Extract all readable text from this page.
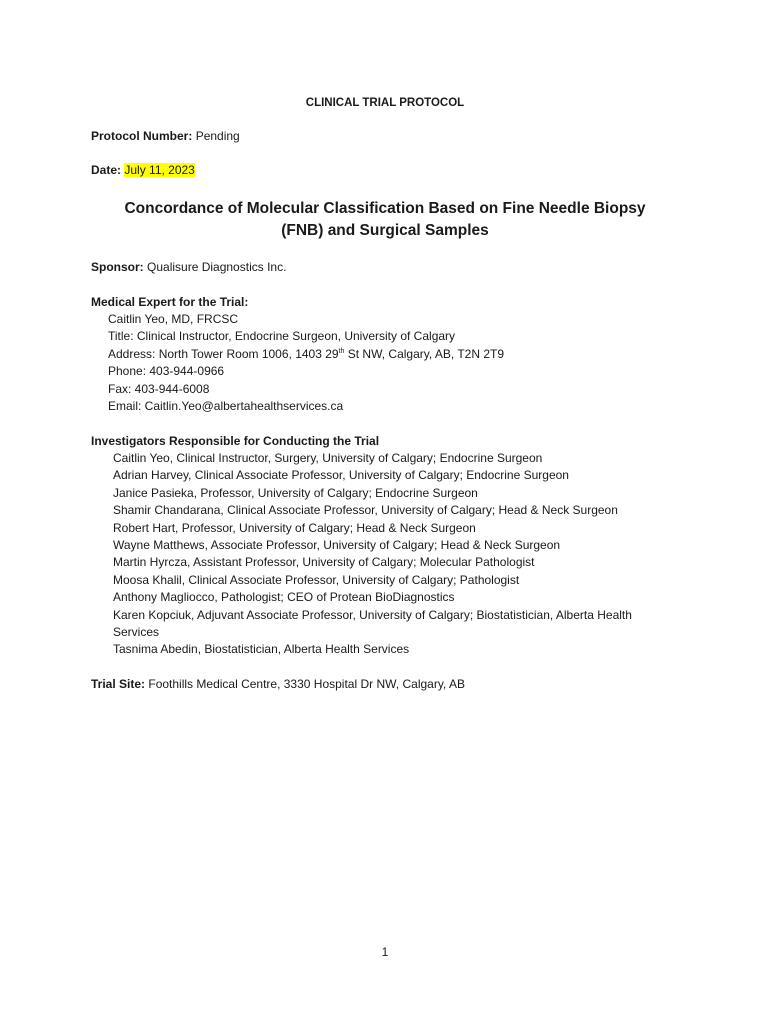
CLINICAL TRIAL PROTOCOL
Protocol Number: Pending
Date: July 11, 2023
Concordance of Molecular Classification Based on Fine Needle Biopsy
(FNB) and Surgical Samples
Sponsor: Qualisure Diagnostics Inc.
Medical Expert for the Trial:
Caitlin Yeo, MD, FRCSC
Title: Clinical Instructor, Endocrine Surgeon, University of Calgary
Address: North Tower Room 1006, 1403 29th St NW, Calgary, AB, T2N 2T9
Phone: 403-944-0966
Fax: 403-944-6008
Email: Caitlin.Yeo@albertahealthservices.ca
Investigators Responsible for Conducting the Trial
Caitlin Yeo, Clinical Instructor, Surgery, University of Calgary; Endocrine Surgeon
Adrian Harvey, Clinical Associate Professor, University of Calgary; Endocrine Surgeon
Janice Pasieka, Professor, University of Calgary; Endocrine Surgeon
Shamir Chandarana, Clinical Associate Professor, University of Calgary; Head & Neck Surgeon
Robert Hart, Professor, University of Calgary; Head & Neck Surgeon
Wayne Matthews, Associate Professor, University of Calgary; Head & Neck Surgeon
Martin Hyrcza, Assistant Professor, University of Calgary; Molecular Pathologist
Moosa Khalil, Clinical Associate Professor, University of Calgary; Pathologist
Anthony Magliocco, Pathologist; CEO of Protean BioDiagnostics
Karen Kopciuk, Adjuvant Associate Professor, University of Calgary; Biostatistician, Alberta Health Services
Tasnima Abedin, Biostatistician, Alberta Health Services
Trial Site: Foothills Medical Centre, 3330 Hospital Dr NW, Calgary, AB
1
